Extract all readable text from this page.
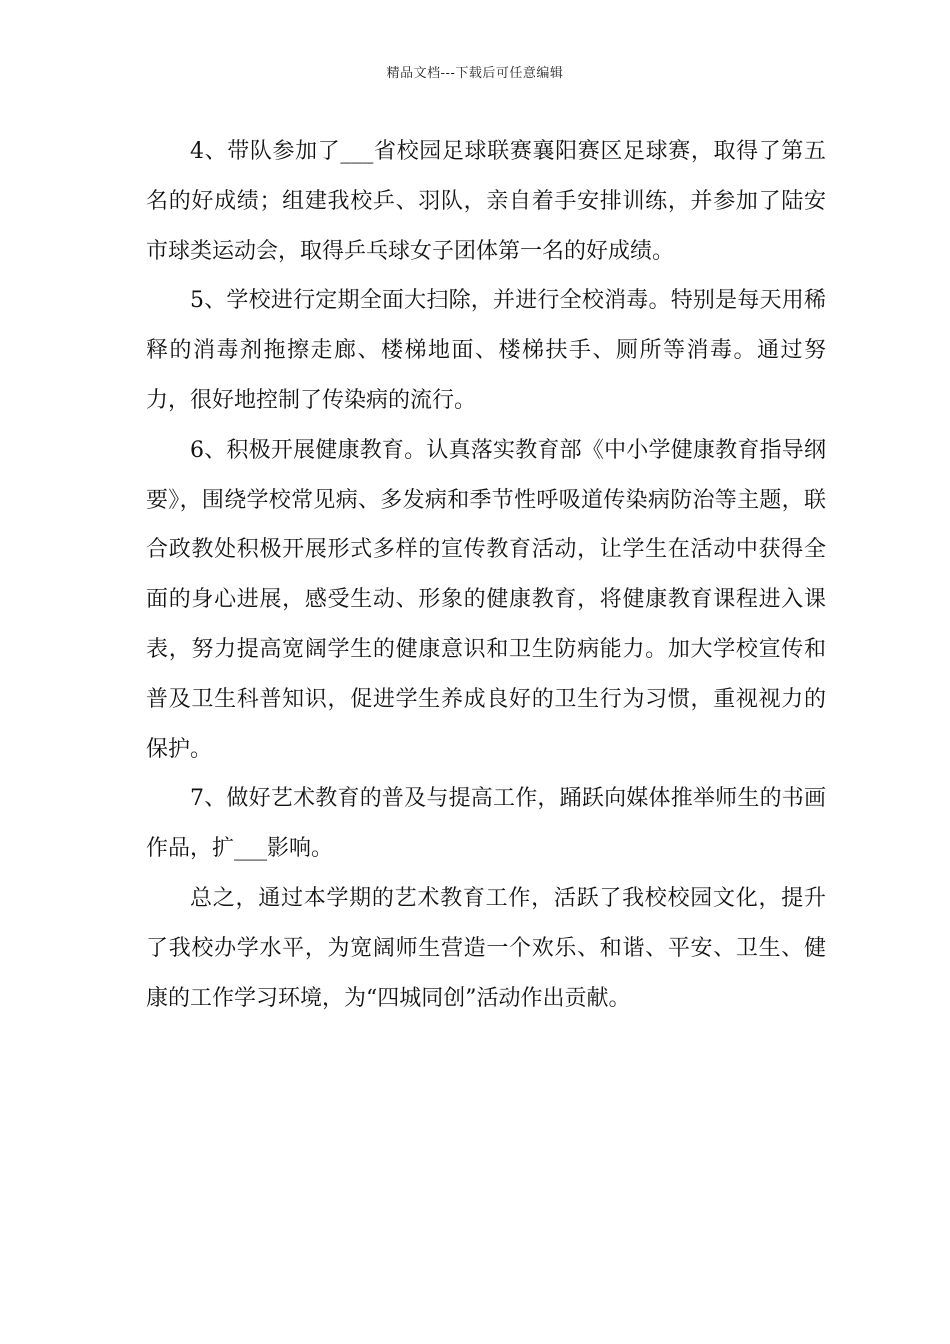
精品文档---下载后可任意编辑

4、带队参加了___省校园足球联赛襄阳赛区足球赛，取得了第五名的好成绩；组建我校乒、羽队，亲自着手安排训练，并参加了陆安市球类运动会，取得乒乓球女子团体第一名的好成绩。

5、学校进行定期全面大扫除，并进行全校消毒。特别是每天用稀释的消毒剂拖擦走廊、楼梯地面、楼梯扶手、厕所等消毒。通过努力，很好地控制了传染病的流行。

6、积极开展健康教育。认真落实教育部《中小学健康教育指导纲要》，围绕学校常见病、多发病和季节性呼吸道传染病防治等主题，联合政教处积极开展形式多样的宣传教育活动，让学生在活动中获得全面的身心进展，感受生动、形象的健康教育，将健康教育课程进入课表，努力提高宽阔学生的健康意识和卫生防病能力。加大学校宣传和普及卫生科普知识，促进学生养成良好的卫生行为习惯，重视视力的保护。

7、做好艺术教育的普及与提高工作，踊跃向媒体推举师生的书画作品，扩___影响。

总之，通过本学期的艺术教育工作，活跃了我校校园文化，提升了我校办学水平，为宽阔师生营造一个欢乐、和谐、平安、卫生、健康的工作学习环境，为“四城同创”活动作出贡献。
